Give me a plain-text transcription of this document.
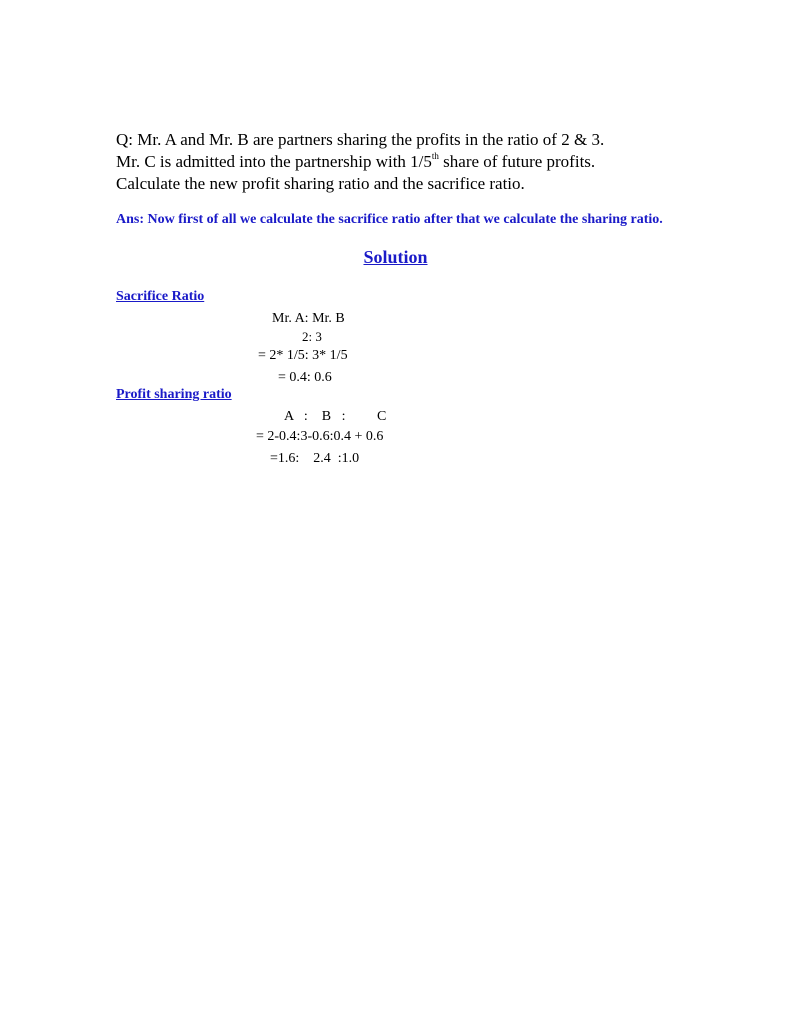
Q: Mr. A and Mr. B are partners sharing the profits in the ratio of 2 & 3.
Mr. C is admitted into the partnership with 1/5th share of future profits.
Calculate the new profit sharing ratio and the sacrifice ratio.
Ans: Now first of all we calculate the sacrifice ratio after that we calculate the sharing ratio.
Solution
Sacrifice Ratio
Mr. A: Mr. B
2: 3
= 2* 1/5: 3* 1/5
= 0.4: 0.6
Profit sharing ratio
A   :    B   :         C
= 2-0.4:3-0.6:0.4 + 0.6
=1.6:    2.4  :1.0
